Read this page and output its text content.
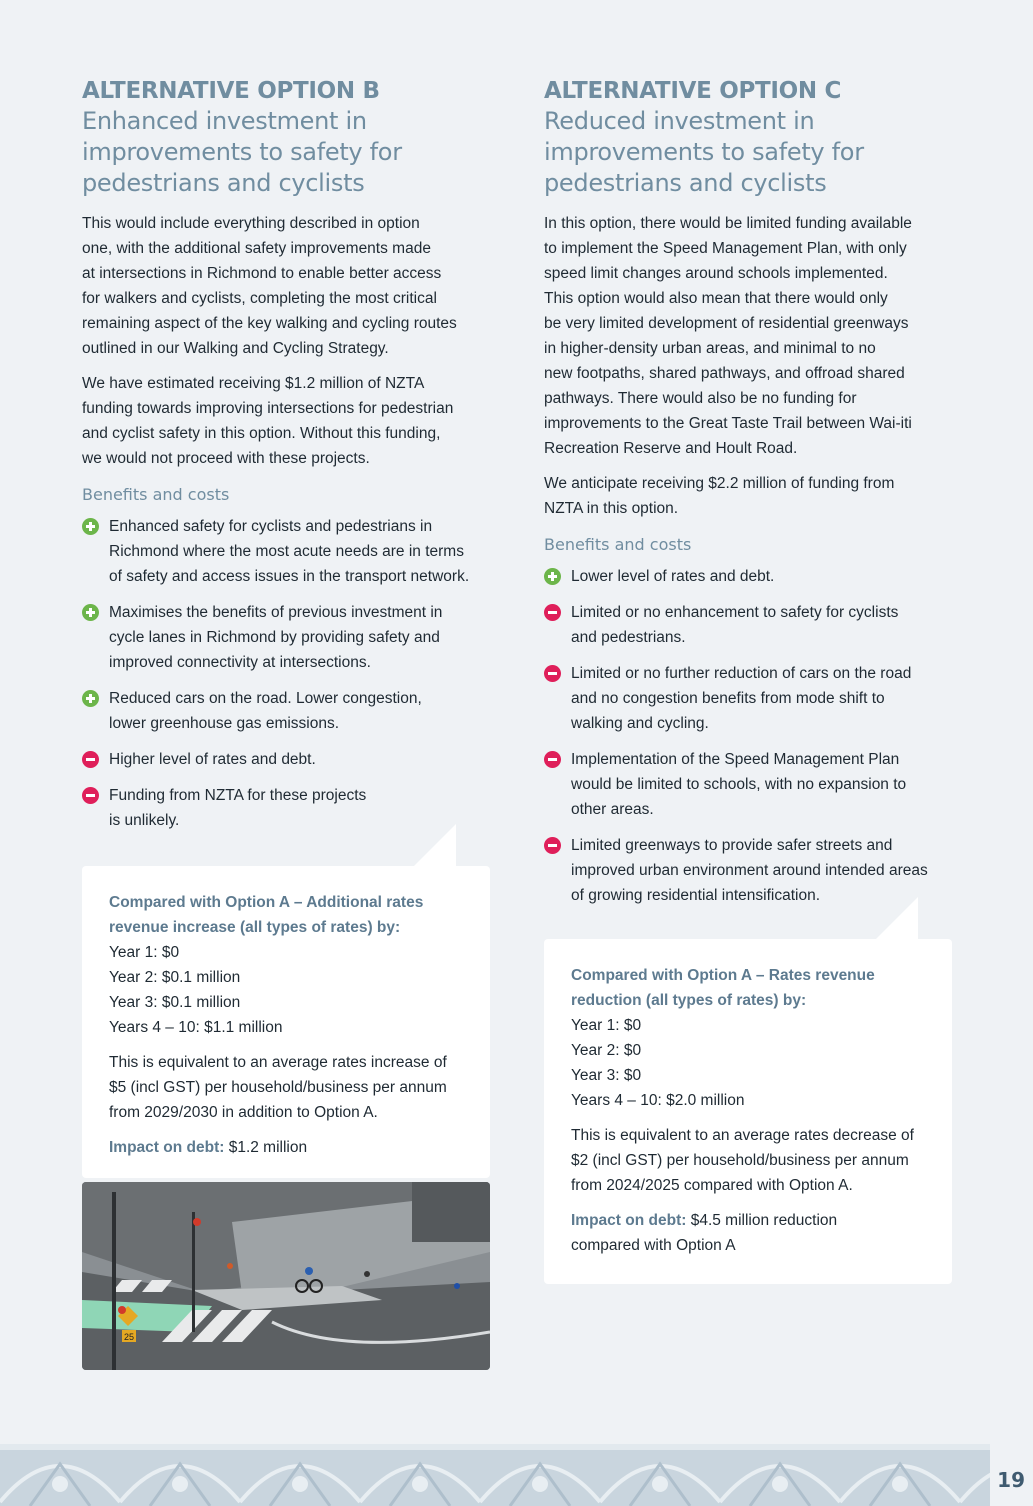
ALTERNATIVE OPTION B
Enhanced investment in
improvements to safety for
pedestrians and cyclists

This would include everything described in option
one, with the additional safety improvements made
at intersections in Richmond to enable better access
for walkers and cyclists, completing the most critical
remaining aspect of the key walking and cycling routes
outlined in our Walking and Cycling Strategy.

We have estimated receiving $1.2 million of NZTA
funding towards improving intersections for pedestrian
and cyclist safety in this option. Without this funding,
we would not proceed with these projects.

Benefits and costs
Enhanced safety for cyclists and pedestrians in
Richmond where the most acute needs are in terms
of safety and access issues in the transport network.
Maximises the benefits of previous investment in
cycle lanes in Richmond by providing safety and
improved connectivity at intersections.
Reduced cars on the road. Lower congestion,
lower greenhouse gas emissions.
Higher level of rates and debt.
Funding from NZTA for these projects
is unlikely.
Compared with Option A – Additional rates
revenue increase (all types of rates) by:
Year 1: $0
Year 2: $0.1 million
Year 3: $0.1 million
Years 4 – 10: $1.1 million

This is equivalent to an average rates increase of
$5 (incl GST) per household/business per annum
from 2029/2030 in addition to Option A.

Impact on debt: $1.2 million

25
ALTERNATIVE OPTION C
Reduced investment in
improvements to safety for
pedestrians and cyclists

In this option, there would be limited funding available
to implement the Speed Management Plan, with only
speed limit changes around schools implemented.
This option would also mean that there would only
be very limited development of residential greenways
in higher-density urban areas, and minimal to no
new footpaths, shared pathways, and offroad shared
pathways. There would also be no funding for
improvements to the Great Taste Trail between Wai-iti
Recreation Reserve and Hoult Road.

We anticipate receiving $2.2 million of funding from
NZTA in this option.

Benefits and costs
Lower level of rates and debt.
Limited or no enhancement to safety for cyclists
and pedestrians.
Limited or no further reduction of cars on the road
and no congestion benefits from mode shift to
walking and cycling.
Implementation of the Speed Management Plan
would be limited to schools, with no expansion to
other areas.
Limited greenways to provide safer streets and
improved urban environment around intended areas
of growing residential intensification.
Compared with Option A – Rates revenue
reduction (all types of rates) by:
Year 1: $0
Year 2: $0
Year 3: $0
Years 4 – 10: $2.0 million

This is equivalent to an average rates decrease of
$2 (incl GST) per household/business per annum
from 2024/2025 compared with Option A.

Impact on debt: $4.5 million reduction
compared with Option A

19
